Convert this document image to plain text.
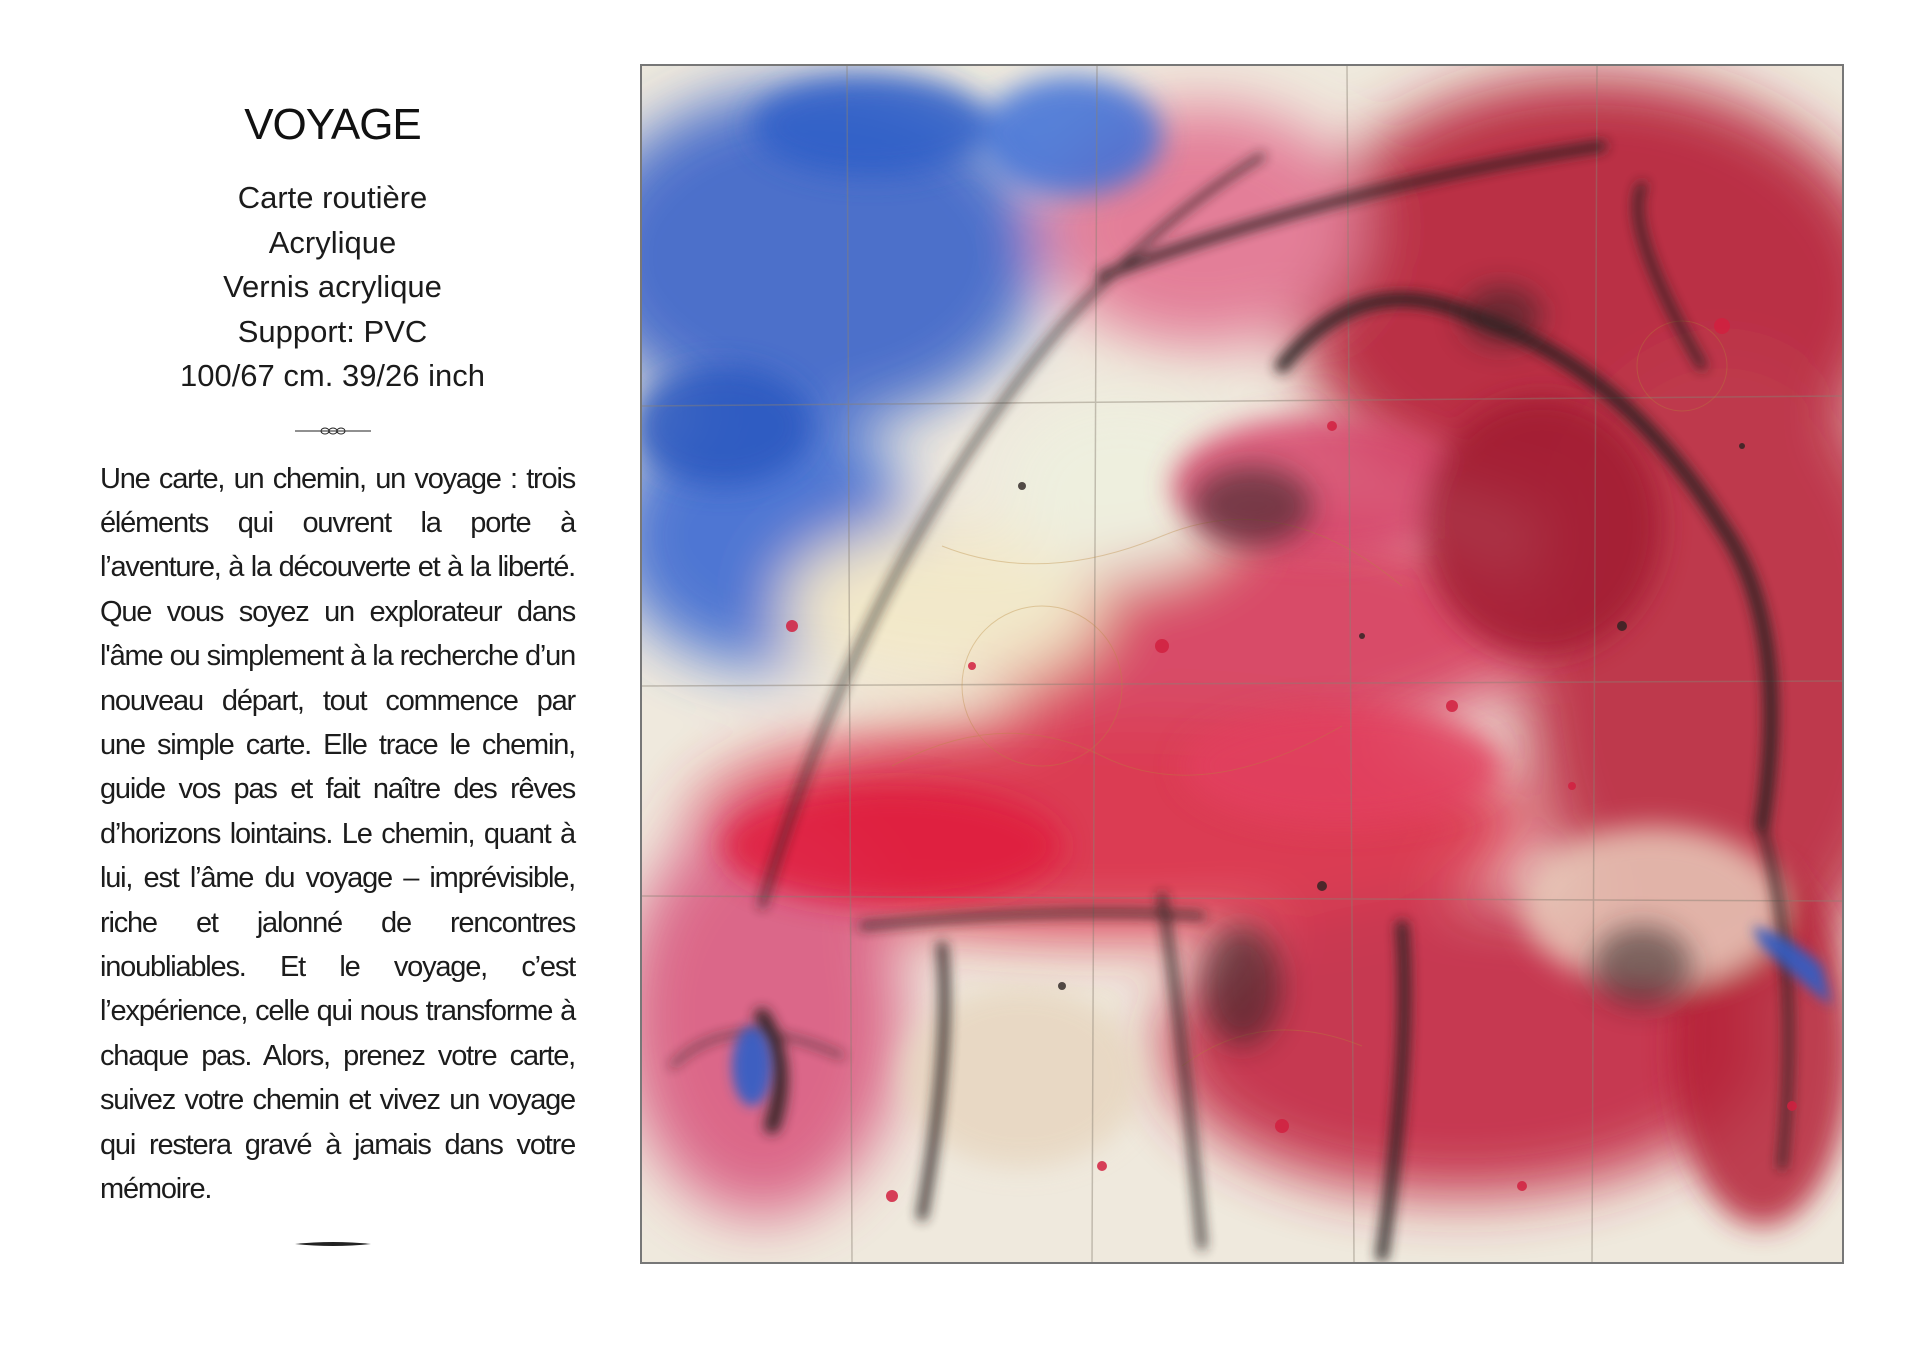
VOYAGE
Carte routière
Acrylique
Vernis acrylique
Support: PVC
100/67 cm. 39/26 inch

Une carte, un chemin, un voyage : trois éléments qui ouvrent la porte à l’aventure, à la découverte et à la liberté. Que vous soyez un explorateur dans l'âme ou simplement à la recherche d’un nouveau départ, tout commence par une simple carte. Elle trace le chemin, guide vos pas et fait naître des rêves d’horizons lointains. Le chemin, quant à lui, est l’âme du voyage – imprévisible, riche et jalonné de rencontres inoubliables. Et le voyage, c’est l’expérience, celle qui nous transforme à chaque pas. Alors, prenez votre carte, suivez votre chemin et vivez un voyage qui restera gravé à jamais dans votre mémoire.
